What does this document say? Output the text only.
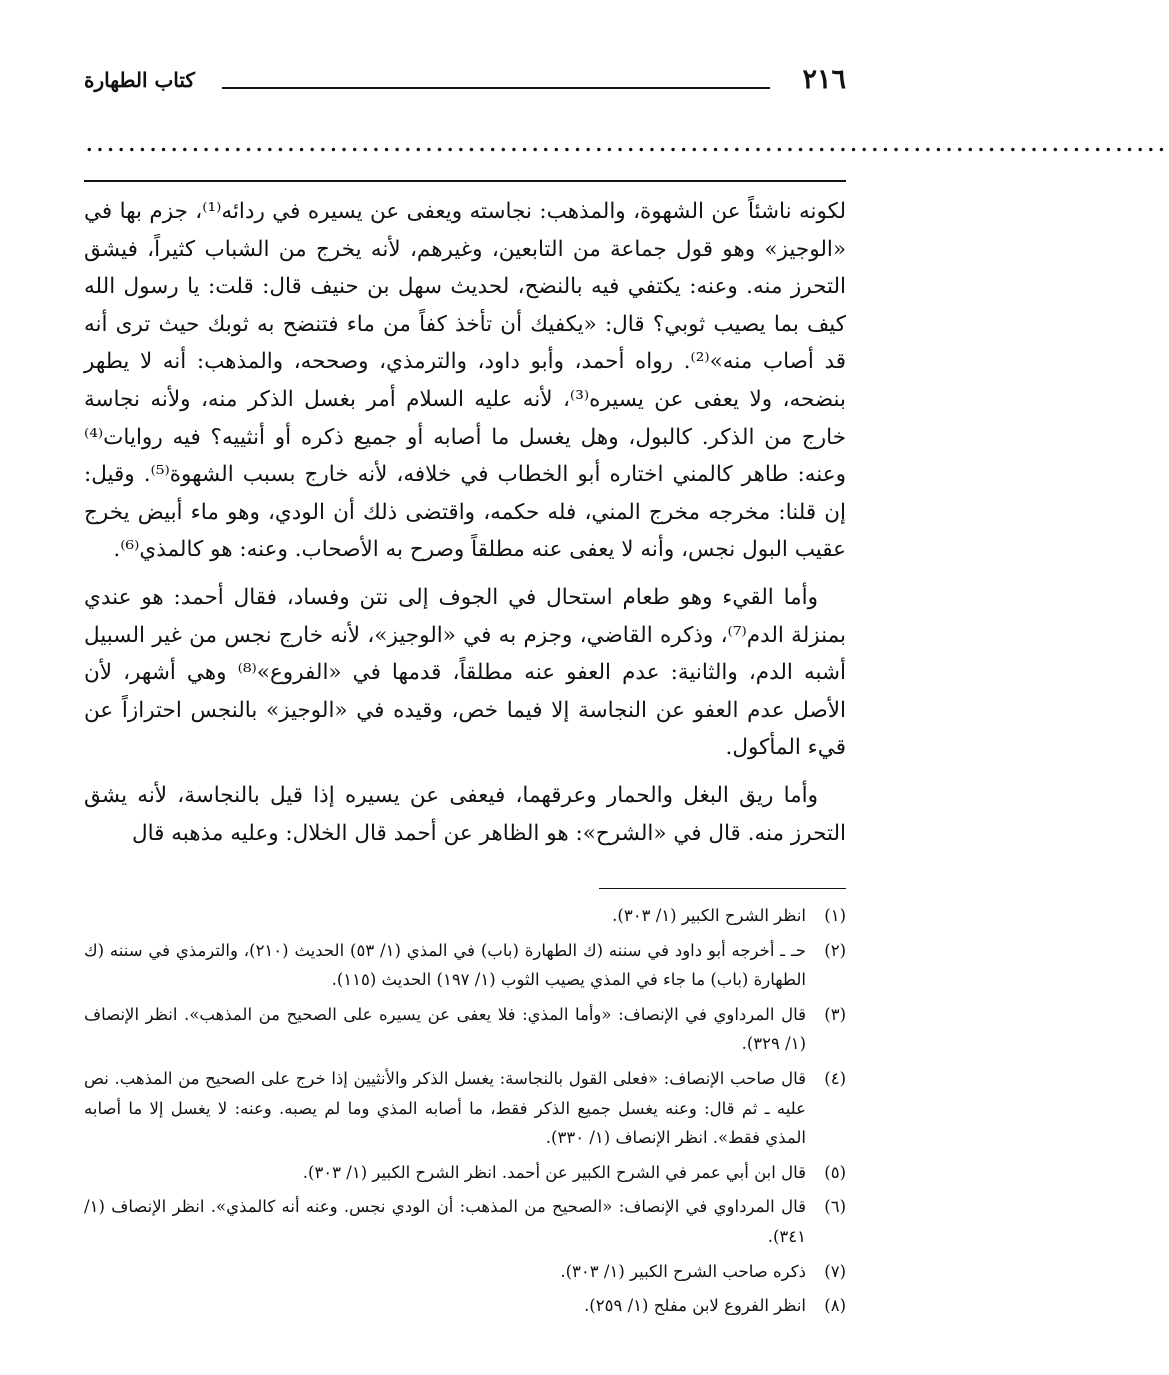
كتاب الطهارة	٢١٦
......................................................................................................

لكونه ناشئاً عن الشهوة، والمذهب: نجاسته ويعفى عن يسيره في ردائه⁽¹⁾، جزم بها في «الوجيز» وهو قول جماعة من التابعين، وغيرهم، لأنه يخرج من الشباب كثيراً، فيشق التحرز منه. وعنه: يكتفي فيه بالنضح، لحديث سهل بن حنيف قال: قلت: يا رسول الله كيف بما يصيب ثوبي؟ قال: «يكفيك أن تأخذ كفاً من ماء فتنضح به ثوبك حيث ترى أنه قد أصاب منه»⁽²⁾. رواه أحمد، وأبو داود، والترمذي، وصححه، والمذهب: أنه لا يطهر بنضحه، ولا يعفى عن يسيره⁽³⁾، لأنه عليه السلام أمر بغسل الذكر منه، ولأنه نجاسة خارج من الذكر. كالبول، وهل يغسل ما أصابه أو جميع ذكره أو أنثييه؟ فيه روايات⁽⁴⁾ وعنه: طاهر كالمني اختاره أبو الخطاب في خلافه، لأنه خارج بسبب الشهوة⁽⁵⁾. وقيل: إن قلنا: مخرجه مخرج المني، فله حكمه، واقتضى ذلك أن الودي، وهو ماء أبيض يخرج عقيب البول نجس، وأنه لا يعفى عنه مطلقاً وصرح به الأصحاب. وعنه: هو كالمذي⁽⁶⁾.

وأما القيء وهو طعام استحال في الجوف إلى نتن وفساد، فقال أحمد: هو عندي بمنزلة الدم⁽⁷⁾، وذكره القاضي، وجزم به في «الوجيز»، لأنه خارج نجس من غير السبيل أشبه الدم، والثانية: عدم العفو عنه مطلقاً، قدمها في «الفروع»⁽⁸⁾ وهي أشهر، لأن الأصل عدم العفو عن النجاسة إلا فيما خص، وقيده في «الوجيز» بالنجس احترازاً عن قيء المأكول.

وأما ريق البغل والحمار وعرقهما، فيعفى عن يسيره إذا قيل بالنجاسة، لأنه يشق التحرز منه. قال في «الشرح»: هو الظاهر عن أحمد قال الخلال: وعليه مذهبه قال

(١)
انظر الشرح الكبير (١/ ٣٠٣).
(٢)
حـ ـ أخرجه أبو داود في سننه (ك الطهارة (باب) في المذي (١/ ٥٣) الحديث (٢١٠)، والترمذي في سننه (ك الطهارة (باب) ما جاء في المذي يصيب الثوب (١/ ١٩٧) الحديث (١١٥).
(٣)
قال المرداوي في الإنصاف: «وأما المذي: فلا يعفى عن يسيره على الصحيح من المذهب». انظر الإنصاف (١/ ٣٢٩).
(٤)
قال صاحب الإنصاف: «فعلى القول بالنجاسة: يغسل الذكر والأنثيين إذا خرج على الصحيح من المذهب. نص عليه ـ ثم قال: وعنه يغسل جميع الذكر فقط، ما أصابه المذي وما لم يصبه. وعنه: لا يغسل إلا ما أصابه المذي فقط». انظر الإنصاف (١/ ٣٣٠).
(٥)
قال ابن أبي عمر في الشرح الكبير عن أحمد. انظر الشرح الكبير (١/ ٣٠٣).
(٦)
قال المرداوي في الإنصاف: «الصحيح من المذهب: أن الودي نجس. وعنه أنه كالمذي». انظر الإنصاف (١/ ٣٤١).
(٧)
ذكره صاحب الشرح الكبير (١/ ٣٠٣).
(٨)
انظر الفروع لابن مفلح (١/ ٢٥٩).
